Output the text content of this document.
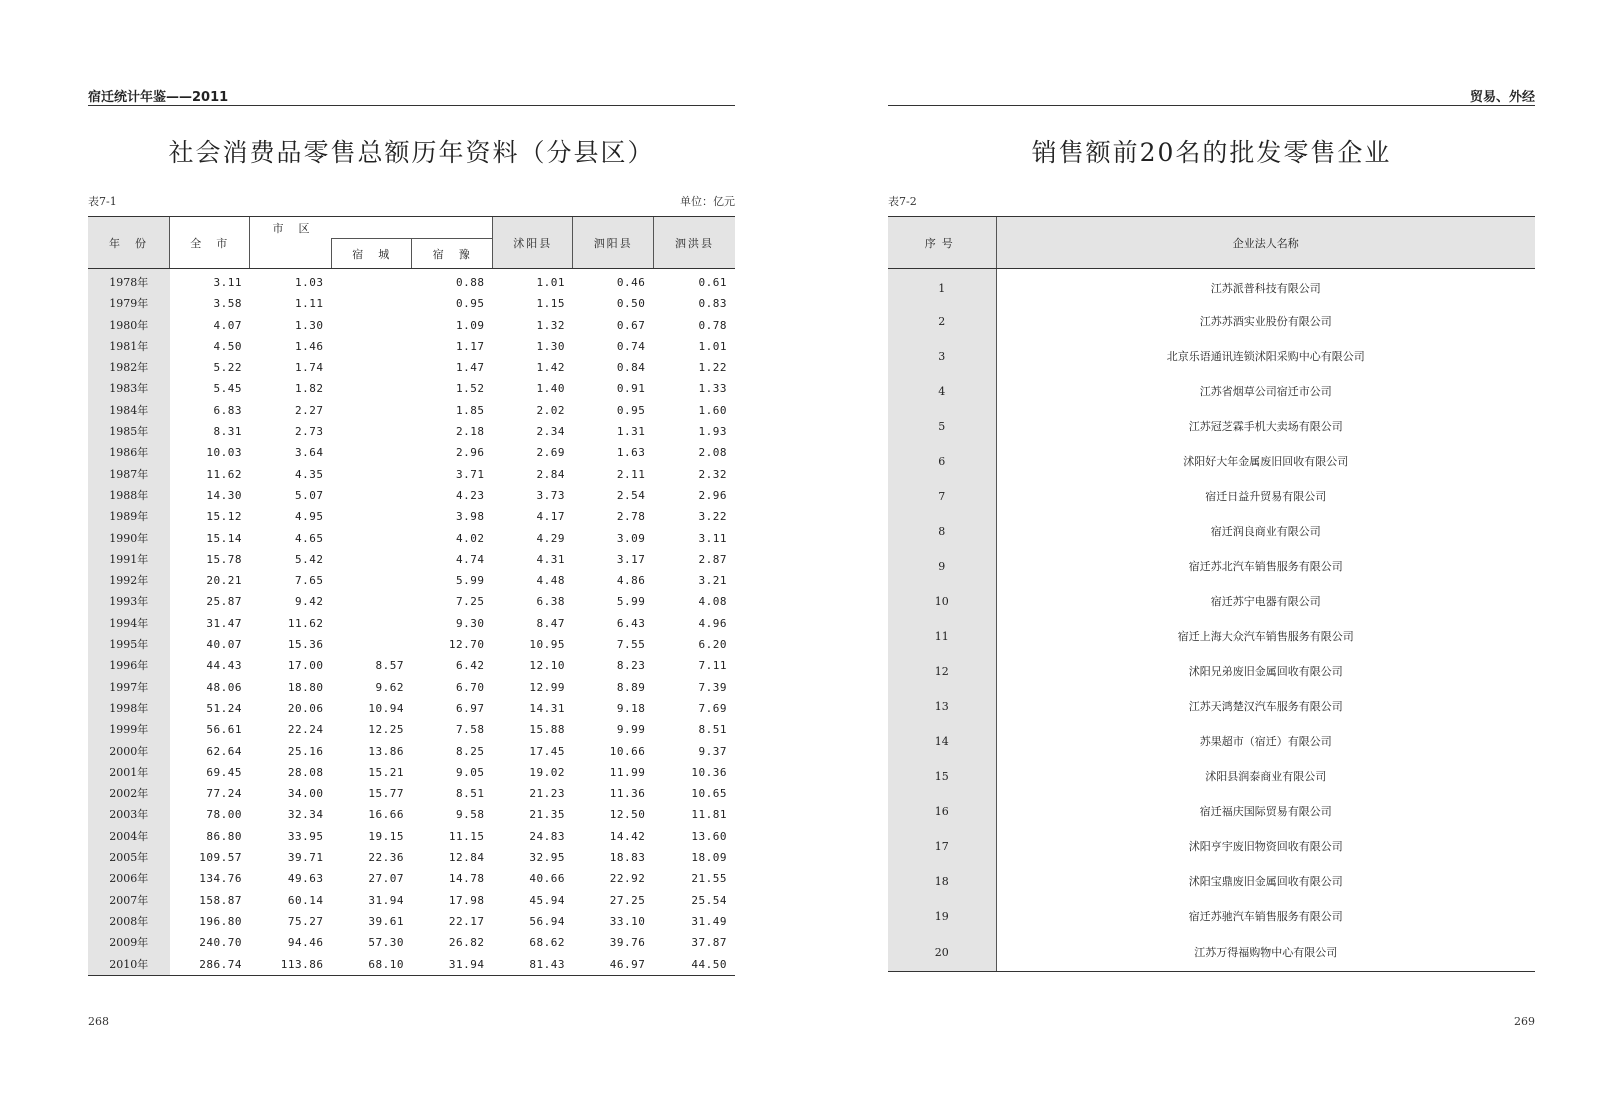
宿迁统计年鉴——2011
社会消费品零售总额历年资料（分县区）
表7-1	单位：亿元
年　份	全　市	市　区			沭阳县	泗阳县	泗洪县
			宿　城	宿　豫			
1978年	3.11	1.03		0.88	1.01	0.46	0.61
1979年	3.58	1.11		0.95	1.15	0.50	0.83
1980年	4.07	1.30		1.09	1.32	0.67	0.78
1981年	4.50	1.46		1.17	1.30	0.74	1.01
1982年	5.22	1.74		1.47	1.42	0.84	1.22
1983年	5.45	1.82		1.52	1.40	0.91	1.33
1984年	6.83	2.27		1.85	2.02	0.95	1.60
1985年	8.31	2.73		2.18	2.34	1.31	1.93
1986年	10.03	3.64		2.96	2.69	1.63	2.08
1987年	11.62	4.35		3.71	2.84	2.11	2.32
1988年	14.30	5.07		4.23	3.73	2.54	2.96
1989年	15.12	4.95		3.98	4.17	2.78	3.22
1990年	15.14	4.65		4.02	4.29	3.09	3.11
1991年	15.78	5.42		4.74	4.31	3.17	2.87
1992年	20.21	7.65		5.99	4.48	4.86	3.21
1993年	25.87	9.42		7.25	6.38	5.99	4.08
1994年	31.47	11.62		9.30	8.47	6.43	4.96
1995年	40.07	15.36		12.70	10.95	7.55	6.20
1996年	44.43	17.00	8.57	6.42	12.10	8.23	7.11
1997年	48.06	18.80	9.62	6.70	12.99	8.89	7.39
1998年	51.24	20.06	10.94	6.97	14.31	9.18	7.69
1999年	56.61	22.24	12.25	7.58	15.88	9.99	8.51
2000年	62.64	25.16	13.86	8.25	17.45	10.66	9.37
2001年	69.45	28.08	15.21	9.05	19.02	11.99	10.36
2002年	77.24	34.00	15.77	8.51	21.23	11.36	10.65
2003年	78.00	32.34	16.66	9.58	21.35	12.50	11.81
2004年	86.80	33.95	19.15	11.15	24.83	14.42	13.60
2005年	109.57	39.71	22.36	12.84	32.95	18.83	18.09
2006年	134.76	49.63	27.07	14.78	40.66	22.92	21.55
2007年	158.87	60.14	31.94	17.98	45.94	27.25	25.54
2008年	196.80	75.27	39.61	22.17	56.94	33.10	31.49
2009年	240.70	94.46	57.30	26.82	68.62	39.76	37.87
2010年	286.74	113.86	68.10	31.94	81.43	46.97	44.50
268
贸易、外经
销售额前20名的批发零售企业
表7-2
序号	企业法人名称
1	江苏派普科技有限公司
2	江苏苏酒实业股份有限公司
3	北京乐语通讯连锁沭阳采购中心有限公司
4	江苏省烟草公司宿迁市公司
5	江苏冠芝霖手机大卖场有限公司
6	沭阳好大年金属废旧回收有限公司
7	宿迁日益升贸易有限公司
8	宿迁润良商业有限公司
9	宿迁苏北汽车销售服务有限公司
10	宿迁苏宁电器有限公司
11	宿迁上海大众汽车销售服务有限公司
12	沭阳兄弟废旧金属回收有限公司
13	江苏天鸿楚汉汽车服务有限公司
14	苏果超市（宿迁）有限公司
15	沭阳县润泰商业有限公司
16	宿迁福庆国际贸易有限公司
17	沭阳亨宇废旧物资回收有限公司
18	沭阳宝鼎废旧金属回收有限公司
19	宿迁苏驰汽车销售服务有限公司
20	江苏万得福购物中心有限公司
269
